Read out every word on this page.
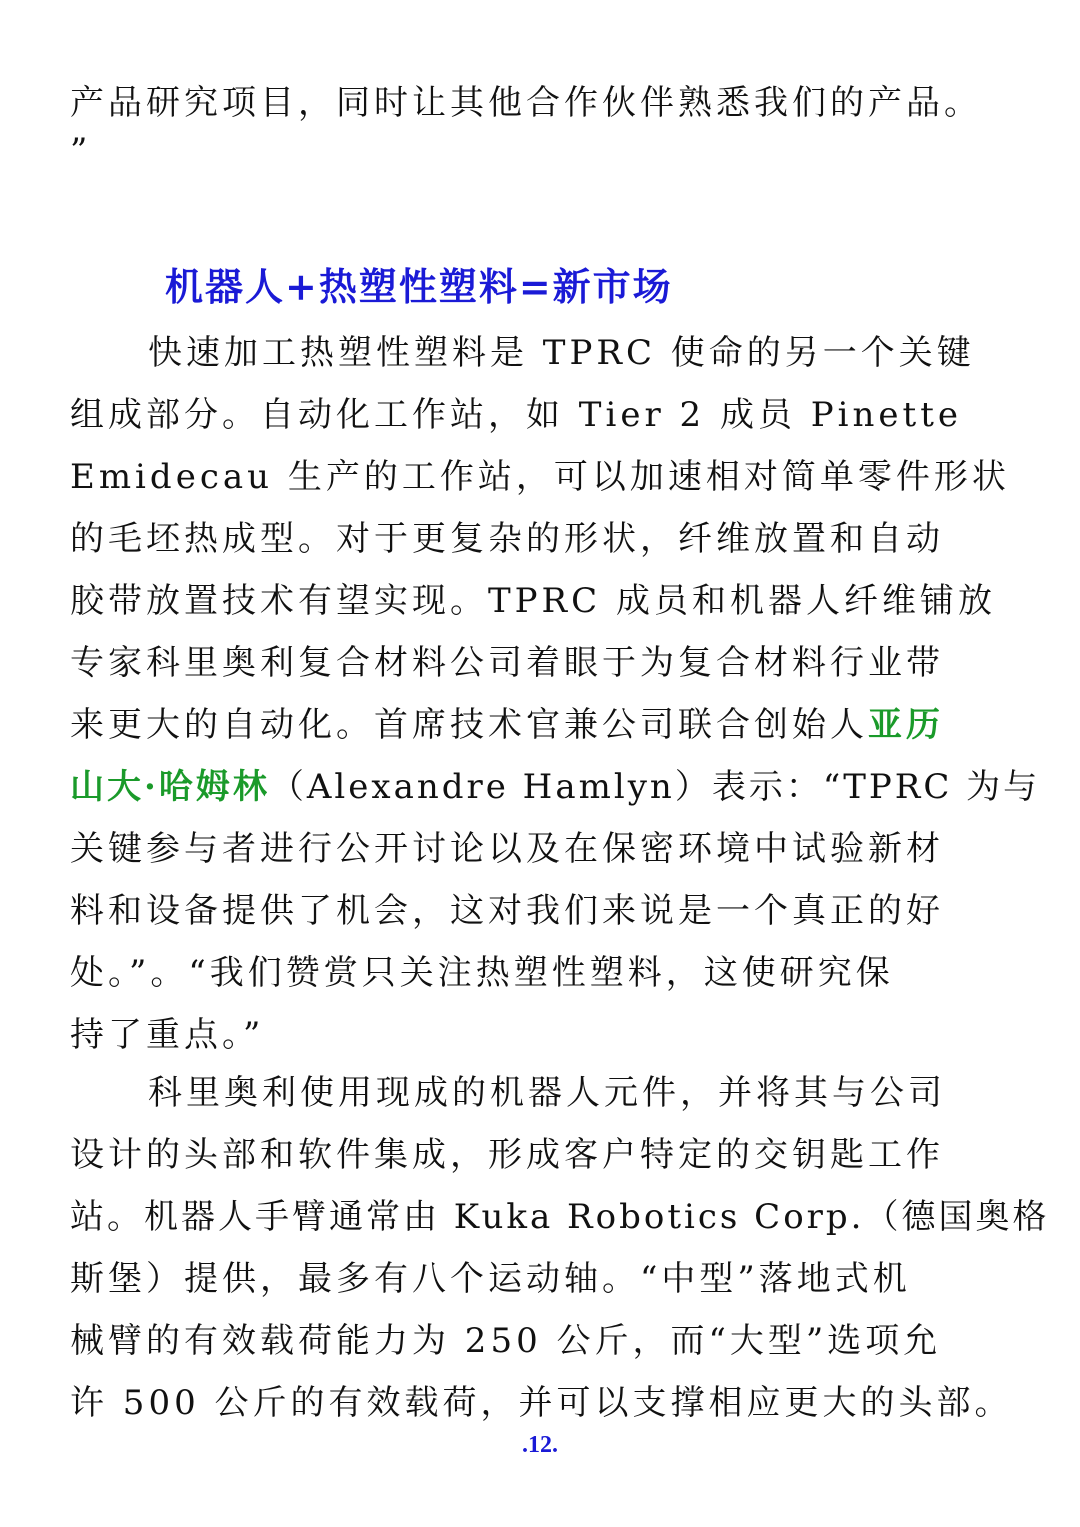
产品研究项目，同时让其他合作伙伴熟悉我们的产品。
”
机器人+热塑性塑料=新市场
快速加工热塑性塑料是 TPRC 使命的另一个关键
组成部分。自动化工作站，如 Tier 2 成员 Pinette
Emidecau 生产的工作站，可以加速相对简单零件形状
的毛坯热成型。对于更复杂的形状，纤维放置和自动
胶带放置技术有望实现。TPRC 成员和机器人纤维铺放
专家科里奥利复合材料公司着眼于为复合材料行业带
来更大的自动化。首席技术官兼公司联合创始人亚历
山大·哈姆林（Alexandre Hamlyn）表示：“TPRC 为与
关键参与者进行公开讨论以及在保密环境中试验新材
料和设备提供了机会，这对我们来说是一个真正的好
处。”。“我们赞赏只关注热塑性塑料，这使研究保
持了重点。”
科里奥利使用现成的机器人元件，并将其与公司
设计的头部和软件集成，形成客户特定的交钥匙工作
站。机器人手臂通常由 Kuka Robotics Corp.（德国奥格
斯堡）提供，最多有八个运动轴。“中型”落地式机
械臂的有效载荷能力为 250 公斤，而“大型”选项允
许 500 公斤的有效载荷，并可以支撑相应更大的头部。
.12.
